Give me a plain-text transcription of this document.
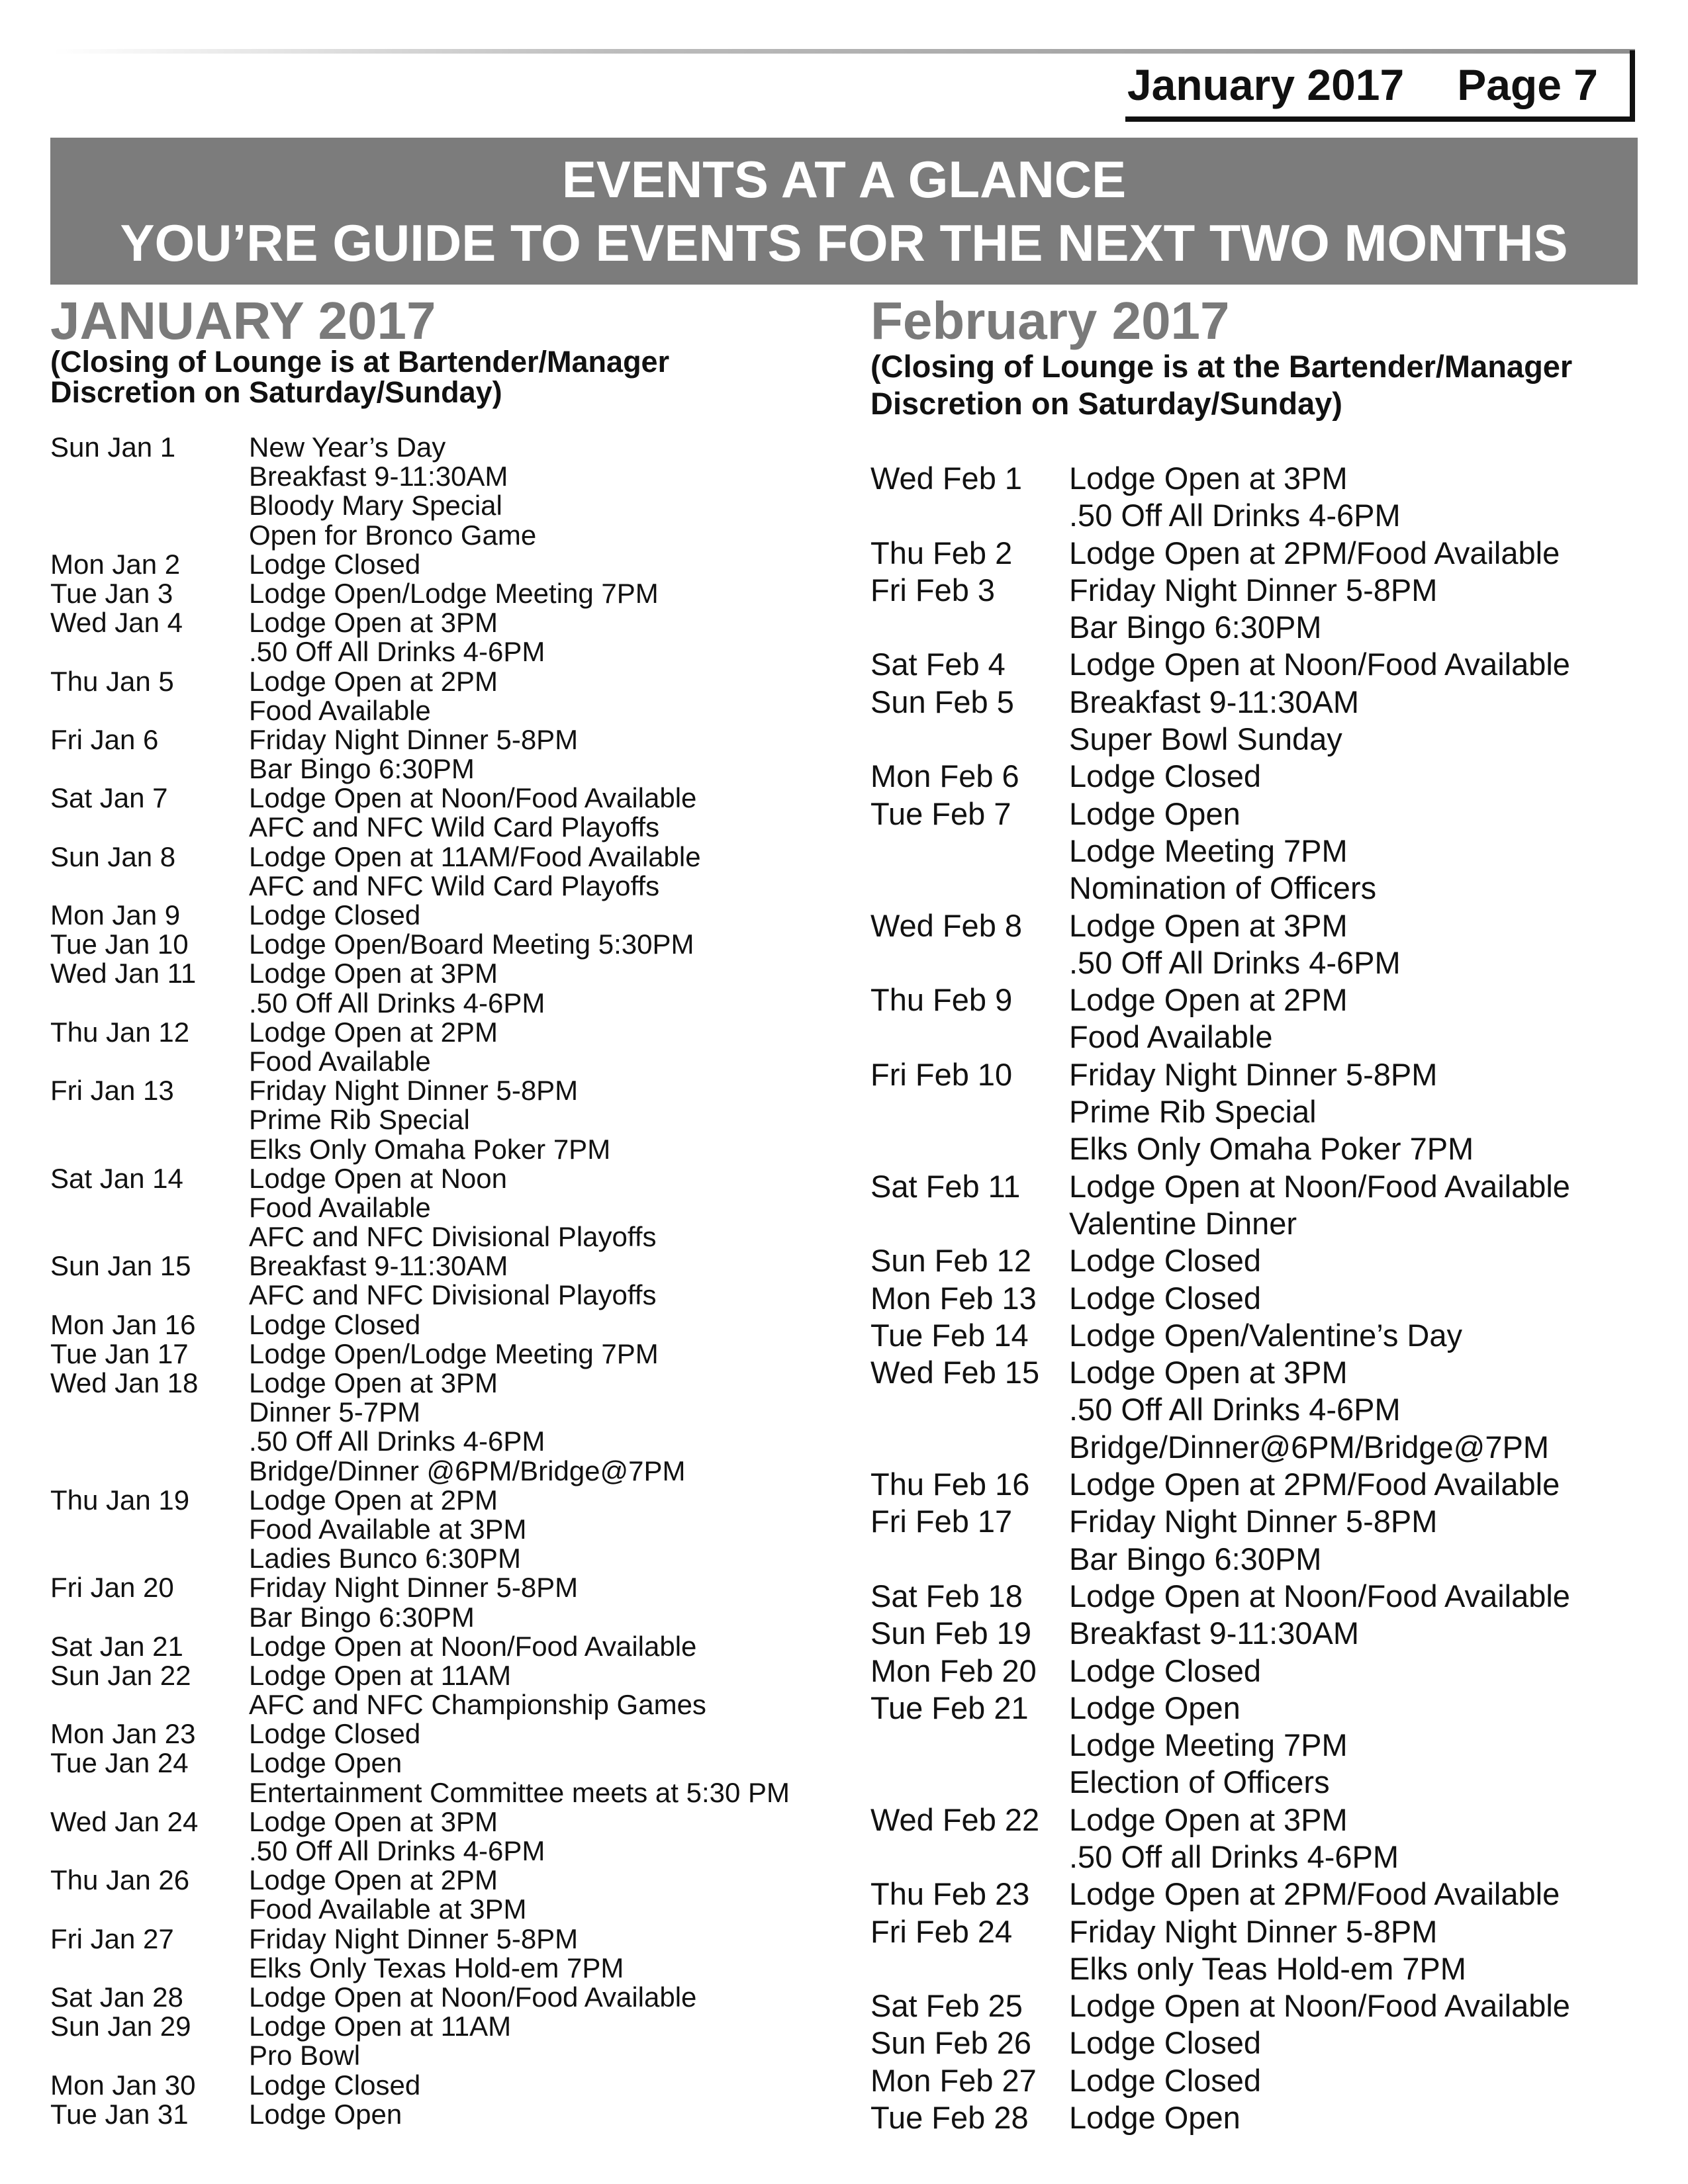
January 2017 Page 7
EVENTS AT A GLANCE
YOU’RE GUIDE TO EVENTS FOR THE NEXT TWO MONTHS
JANUARY 2017
(Closing of Lounge is at Bartender/Manager
Discretion on Saturday/Sunday)
Sun Jan 1	New Year’s Day
Breakfast 9-11:30AM
Bloody Mary Special
Open for Bronco Game
Mon Jan 2 Lodge Closed
Tue Jan 3	Lodge Open/Lodge Meeting 7PM
Wed Jan 4 Lodge Open at 3PM
.50 Off All Drinks 4-6PM
Thu Jan 5	Lodge Open at 2PM
Food Available
Fri Jan 6	Friday Night Dinner 5-8PM
Bar Bingo 6:30PM
Sat Jan 7	Lodge Open at Noon/Food Available
AFC and NFC Wild Card Playoffs
Sun Jan 8	Lodge Open at 11AM/Food Available
AFC and NFC Wild Card Playoffs
Mon Jan 9 Lodge Closed
Tue Jan 10 Lodge Open/Board Meeting 5:30PM
Wed Jan 11 Lodge Open at 3PM
.50 Off All Drinks 4-6PM
Thu Jan 12 Lodge Open at 2PM
Food Available
Fri Jan 13	Friday Night Dinner 5-8PM
Prime Rib Special
Elks Only Omaha Poker 7PM
Sat Jan 14 Lodge Open at Noon
Food Available
AFC and NFC Divisional Playoffs
Sun Jan 15 Breakfast 9-11:30AM
AFC and NFC Divisional Playoffs
Mon Jan 16 Lodge Closed
Tue Jan 17 Lodge Open/Lodge Meeting 7PM
Wed Jan 18 Lodge Open at 3PM
Dinner 5-7PM
.50 Off All Drinks 4-6PM
Bridge/Dinner @6PM/Bridge@7PM
Thu Jan 19 Lodge Open at 2PM
Food Available at 3PM
Ladies Bunco 6:30PM
Fri Jan 20	Friday Night Dinner 5-8PM
Bar Bingo 6:30PM
Sat Jan 21 Lodge Open at Noon/Food Available
Sun Jan 22 Lodge Open at 11AM
AFC and NFC Championship Games
Mon Jan 23 Lodge Closed
Tue Jan 24 Lodge Open
Entertainment Committee meets at 5:30 PM
Wed Jan 24 Lodge Open at 3PM
.50 Off All Drinks 4-6PM
Thu Jan 26 Lodge Open at 2PM
Food Available at 3PM
Fri Jan 27	Friday Night Dinner 5-8PM
Elks Only Texas Hold-em 7PM
Sat Jan 28 Lodge Open at Noon/Food Available
Sun Jan 29 Lodge Open at 11AM
Pro Bowl
Mon Jan 30 Lodge Closed
Tue Jan 31 Lodge Open
February 2017
(Closing of Lounge is at the Bartender/Manager
Discretion on Saturday/Sunday)
Wed Feb 1 Lodge Open at 3PM
.50 Off All Drinks 4-6PM
Thu Feb 2 Lodge Open at 2PM/Food Available
Fri Feb 3 Friday Night Dinner 5-8PM
Bar Bingo 6:30PM
Sat Feb 4 Lodge Open at Noon/Food Available
Sun Feb 5 Breakfast 9-11:30AM
Super Bowl Sunday
Mon Feb 6 Lodge Closed
Tue Feb 7 Lodge Open
Lodge Meeting 7PM
Nomination of Officers
Wed Feb 8 Lodge Open at 3PM
.50 Off All Drinks 4-6PM
Thu Feb 9 Lodge Open at 2PM
Food Available
Fri Feb 10 Friday Night Dinner 5-8PM
Prime Rib Special
Elks Only Omaha Poker 7PM
Sat Feb 11 Lodge Open at Noon/Food Available
Valentine Dinner
Sun Feb 12 Lodge Closed
Mon Feb 13 Lodge Closed
Tue Feb 14 Lodge Open/Valentine’s Day
Wed Feb 15 Lodge Open at 3PM
.50 Off All Drinks 4-6PM
Bridge/Dinner@6PM/Bridge@7PM
Thu Feb 16 Lodge Open at 2PM/Food Available
Fri Feb 17 Friday Night Dinner 5-8PM
Bar Bingo 6:30PM
Sat Feb 18 Lodge Open at Noon/Food Available
Sun Feb 19 Breakfast 9-11:30AM
Mon Feb 20 Lodge Closed
Tue Feb 21 Lodge Open
Lodge Meeting 7PM
Election of Officers
Wed Feb 22 Lodge Open at 3PM
.50 Off all Drinks 4-6PM
Thu Feb 23 Lodge Open at 2PM/Food Available
Fri Feb 24 Friday Night Dinner 5-8PM
Elks only Teas Hold-em 7PM
Sat Feb 25 Lodge Open at Noon/Food Available
Sun Feb 26 Lodge Closed
Mon Feb 27 Lodge Closed
Tue Feb 28 Lodge Open
